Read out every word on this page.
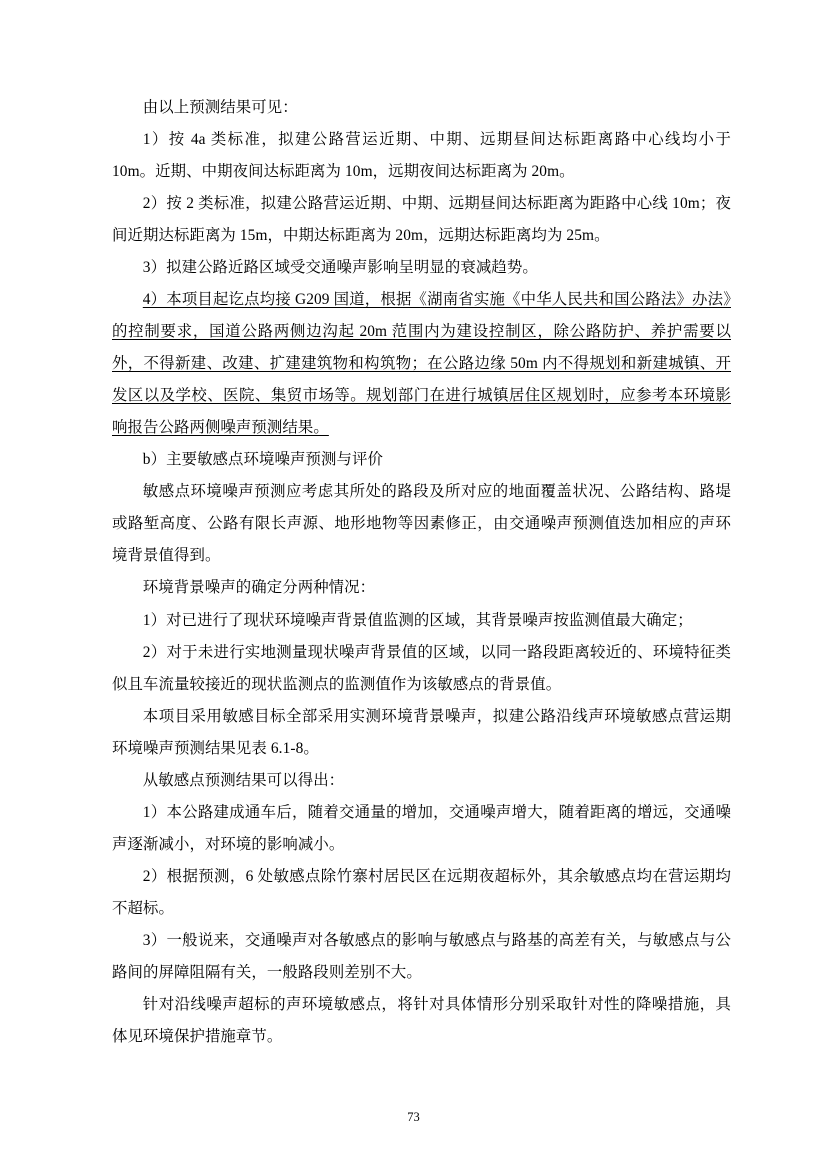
由以上预测结果可见：

1）按 4a 类标准，拟建公路营运近期、中期、远期昼间达标距离路中心线均小于 10m。近期、中期夜间达标距离为 10m，远期夜间达标距离为 20m。

2）按 2 类标准，拟建公路营运近期、中期、远期昼间达标距离为距路中心线 10m；夜间近期达标距离为 15m，中期达标距离为 20m，远期达标距离均为 25m。

3）拟建公路近路区域受交通噪声影响呈明显的衰减趋势。

4）本项目起讫点均接 G209 国道，根据《湖南省实施《中华人民共和国公路法》办法》的控制要求，国道公路两侧边沟起 20m 范围内为建设控制区，除公路防护、养护需要以外，不得新建、改建、扩建建筑物和构筑物；在公路边缘 50m 内不得规划和新建城镇、开发区以及学校、医院、集贸市场等。规划部门在进行城镇居住区规划时，应参考本环境影响报告公路两侧噪声预测结果。

b）主要敏感点环境噪声预测与评价

敏感点环境噪声预测应考虑其所处的路段及所对应的地面覆盖状况、公路结构、路堤或路堑高度、公路有限长声源、地形地物等因素修正，由交通噪声预测值迭加相应的声环境背景值得到。

环境背景噪声的确定分两种情况：

1）对已进行了现状环境噪声背景值监测的区域，其背景噪声按监测值最大确定；

2）对于未进行实地测量现状噪声背景值的区域，以同一路段距离较近的、环境特征类似且车流量较接近的现状监测点的监测值作为该敏感点的背景值。

本项目采用敏感目标全部采用实测环境背景噪声，拟建公路沿线声环境敏感点营运期环境噪声预测结果见表 6.1-8。

从敏感点预测结果可以得出：

1）本公路建成通车后，随着交通量的增加，交通噪声增大，随着距离的增远，交通噪声逐渐减小，对环境的影响减小。

2）根据预测，6 处敏感点除竹寨村居民区在远期夜超标外，其余敏感点均在营运期均不超标。

3）一般说来，交通噪声对各敏感点的影响与敏感点与路基的高差有关，与敏感点与公路间的屏障阻隔有关，一般路段则差别不大。

针对沿线噪声超标的声环境敏感点，将针对具体情形分别采取针对性的降噪措施，具体见环境保护措施章节。

73
